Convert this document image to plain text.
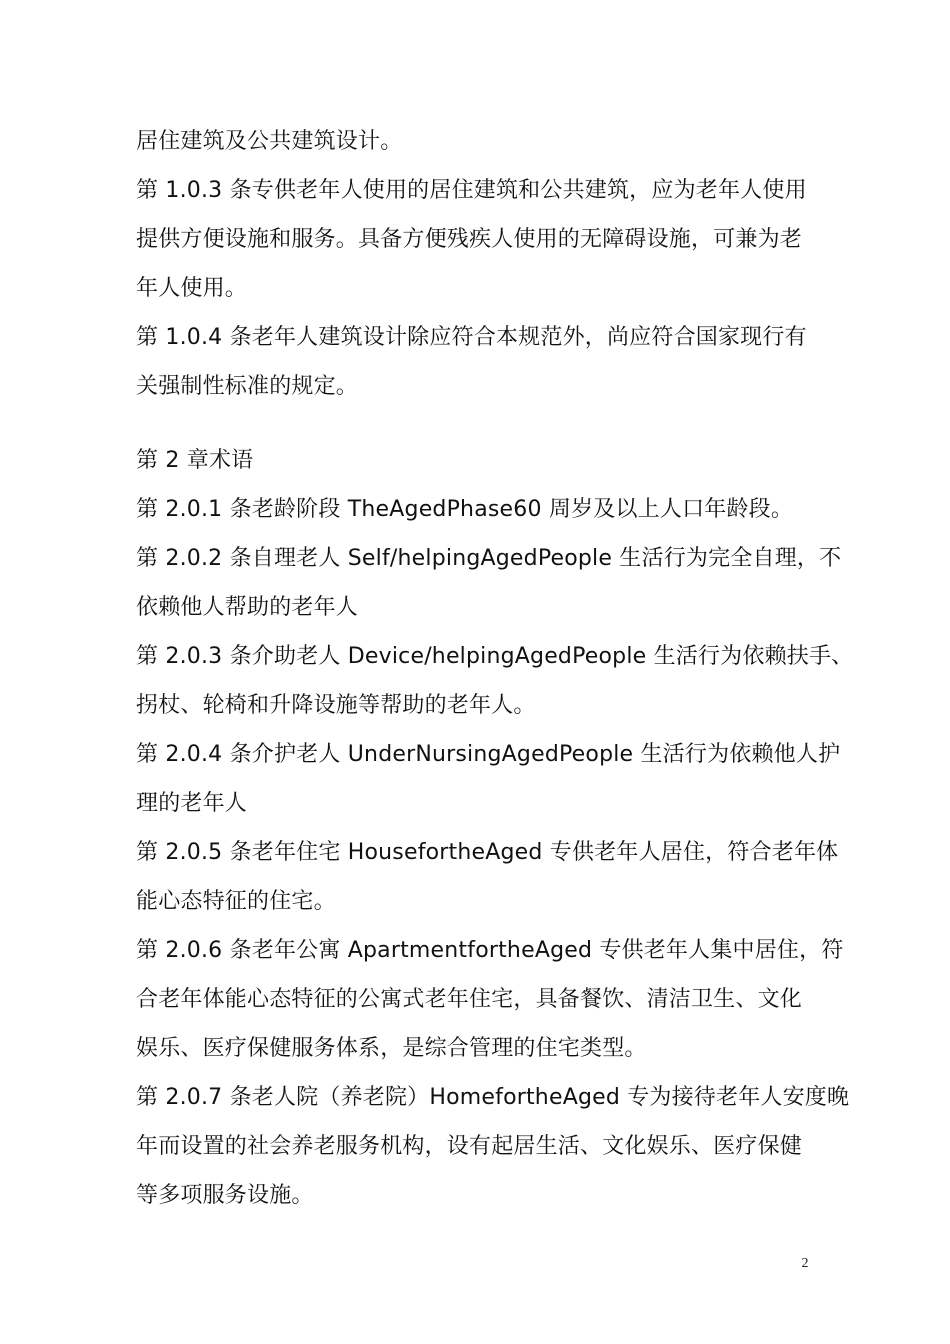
居住建筑及公共建筑设计。
第 1.0.3 条专供老年人使用的居住建筑和公共建筑，应为老年人使用
提供方便设施和服务。具备方便残疾人使用的无障碍设施，可兼为老
年人使用。
第 1.0.4 条老年人建筑设计除应符合本规范外，尚应符合国家现行有
关强制性标准的规定。
第 2 章术语
第 2.0.1 条老龄阶段 TheAgedPhase60 周岁及以上人口年龄段。
第 2.0.2 条自理老人 Self/helpingAgedPeople 生活行为完全自理，不
依赖他人帮助的老年人
第 2.0.3 条介助老人 Device/helpingAgedPeople 生活行为依赖扶手、
拐杖、轮椅和升降设施等帮助的老年人。
第 2.0.4 条介护老人 UnderNursingAgedPeople 生活行为依赖他人护
理的老年人
第 2.0.5 条老年住宅 HousefortheAged 专供老年人居住，符合老年体
能心态特征的住宅。
第 2.0.6 条老年公寓 ApartmentfortheAged 专供老年人集中居住，符
合老年体能心态特征的公寓式老年住宅，具备餐饮、清洁卫生、文化
娱乐、医疗保健服务体系，是综合管理的住宅类型。
第 2.0.7 条老人院（养老院）HomefortheAged 专为接待老年人安度晚
年而设置的社会养老服务机构，设有起居生活、文化娱乐、医疗保健
等多项服务设施。
2
